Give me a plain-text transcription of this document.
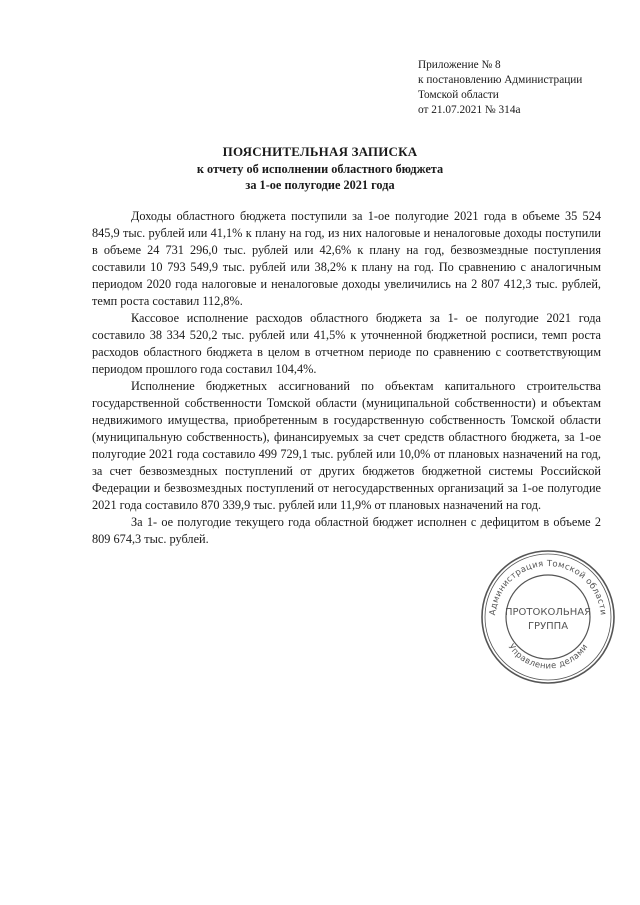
Приложение № 8
к постановлению Администрации
Томской области
от 21.07.2021 № 314а
ПОЯСНИТЕЛЬНАЯ ЗАПИСКА
к отчету об исполнении областного бюджета
за 1-ое полугодие 2021 года

Доходы областного бюджета поступили за 1-ое полугодие 2021 года в объеме 35 524 845,9 тыс. рублей или 41,1% к плану на год, из них налоговые и неналоговые доходы поступили в объеме 24 731 296,0 тыс. рублей или 42,6% к плану на год, безвозмездные поступления составили 10 793 549,9 тыс. рублей или 38,2% к плану на год. По сравнению с аналогичным периодом 2020 года налоговые и неналоговые доходы увеличились на 2 807 412,3 тыс. рублей, темп роста составил 112,8%.

Кассовое исполнение расходов областного бюджета за 1- ое полугодие 2021 года составило 38 334 520,2 тыс. рублей или 41,5% к уточненной бюджетной росписи, темп роста расходов областного бюджета в целом в отчетном периоде по сравнению с соответствующим периодом прошлого года составил 104,4%.

Исполнение бюджетных ассигнований по объектам капитального строительства государственной собственности Томской области (муниципальной собственности) и объектам недвижимого имущества, приобретенным в государственную собственность Томской области (муниципальную собственность), финансируемых за счет средств областного бюджета, за 1-ое полугодие 2021 года составило 499 729,1 тыс. рублей или 10,0% от плановых назначений на год, за счет безвозмездных поступлений от других бюджетов бюджетной системы Российской Федерации и безвозмездных поступлений от негосударственных организаций за 1-ое полугодие 2021 года составило 870 339,9 тыс. рублей или 11,9% от плановых назначений на год.

За 1- ое полугодие текущего года областной бюджет исполнен с дефицитом в объеме 2 809 674,3 тыс. рублей.

Администрация Томской области
Управление делами
ПРОТОКОЛЬНАЯ
ГРУППА
